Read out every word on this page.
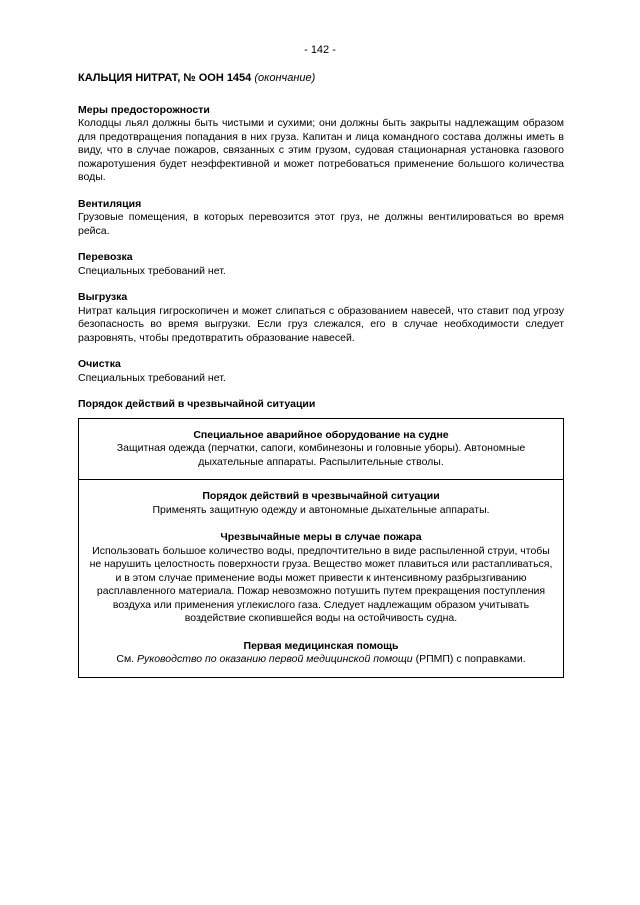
- 142 -
КАЛЬЦИЯ НИТРАТ, № ООН 1454 (окончание)
Меры предосторожности

Колодцы льял должны быть чистыми и сухими; они должны быть закрыты надлежащим образом для предотвращения попадания в них груза. Капитан и лица командного состава должны иметь в виду, что в случае пожаров, связанных с этим грузом, судовая стационарная установка газового пожаротушения будет неэффективной и может потребоваться применение большого количества воды.

Вентиляция

Грузовые помещения, в которых перевозится этот груз, не должны вентилироваться во время рейса.

Перевозка

Специальных требований нет.

Выгрузка

Нитрат кальция гигроскопичен и может слипаться с образованием навесей, что ставит под угрозу безопасность во время выгрузки. Если груз слежался, его в случае необходимости следует разровнять, чтобы предотвратить образование навесей.

Очистка

Специальных требований нет.

Порядок действий в чрезвычайной ситуации
Специальное аварийное оборудование на судне

Защитная одежда (перчатки, сапоги, комбинезоны и головные уборы). Автономные дыхательные аппараты. Распылительные стволы.

Порядок действий в чрезвычайной ситуации

Применять защитную одежду и автономные дыхательные аппараты.

Чрезвычайные меры в случае пожара

Использовать большое количество воды, предпочтительно в виде распыленной струи, чтобы не нарушить целостность поверхности груза. Вещество может плавиться или растапливаться, и в этом случае применение воды может привести к интенсивному разбрызгиванию расплавленного материала. Пожар невозможно потушить путем прекращения поступления воздуха или применения углекислого газа. Следует надлежащим образом учитывать воздействие скопившейся воды на остойчивость судна.

Первая медицинская помощь

См. Руководство по оказанию первой медицинской помощи (РПМП) с поправками.
